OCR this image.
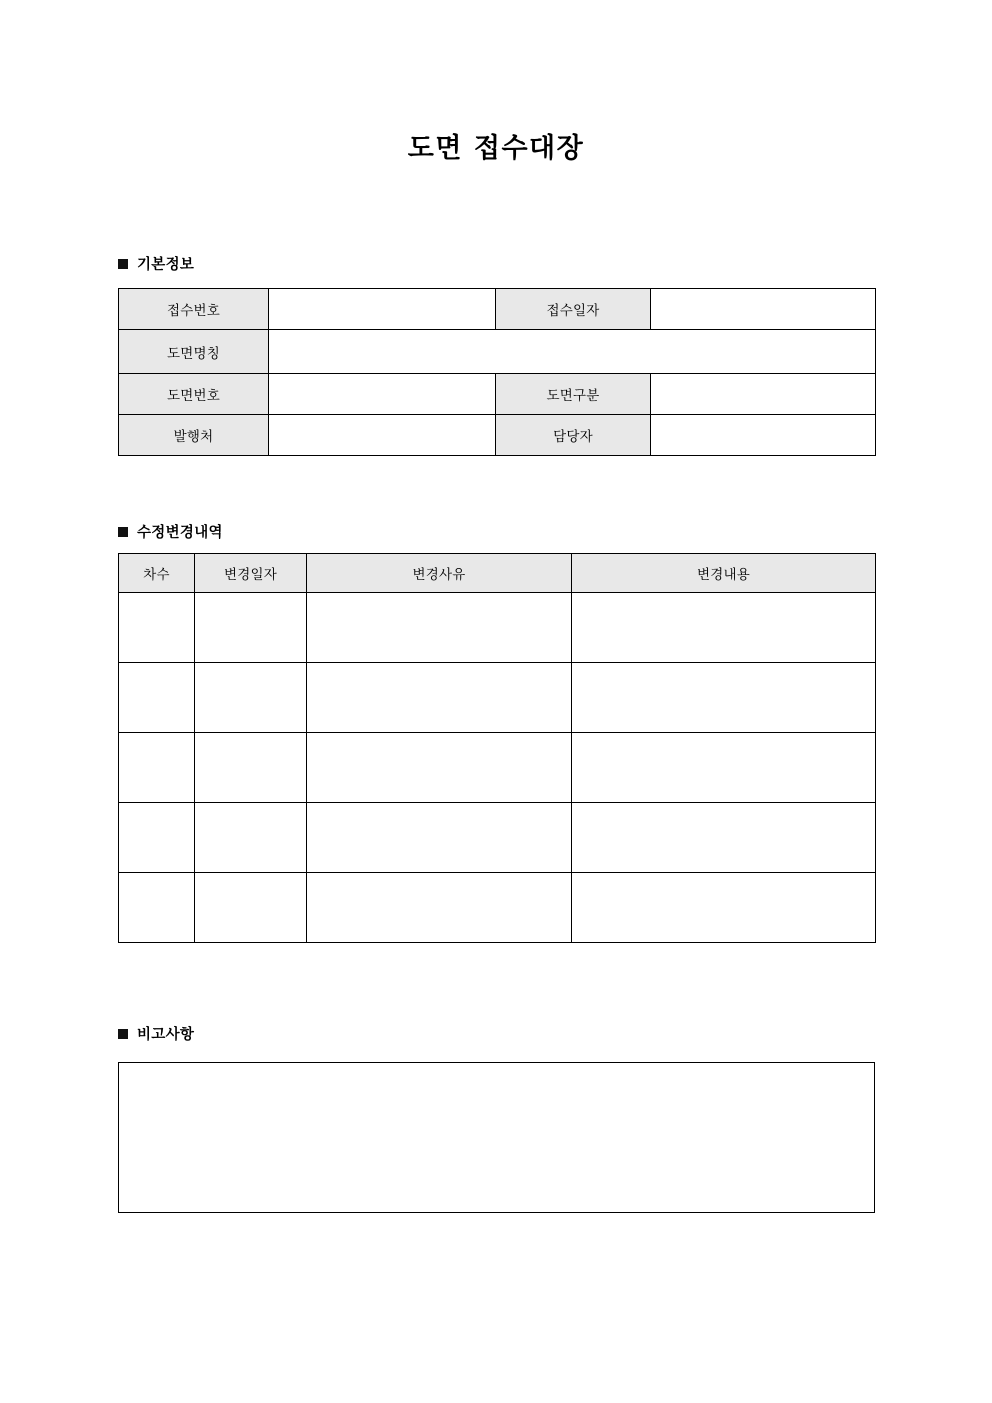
도면 접수대장
기본정보
접수번호		접수일자	
도면명칭			
도면번호		도면구분	
발행처		담당자	
수정변경내역
차수	변경일자	변경사유	변경내용

비고사항
